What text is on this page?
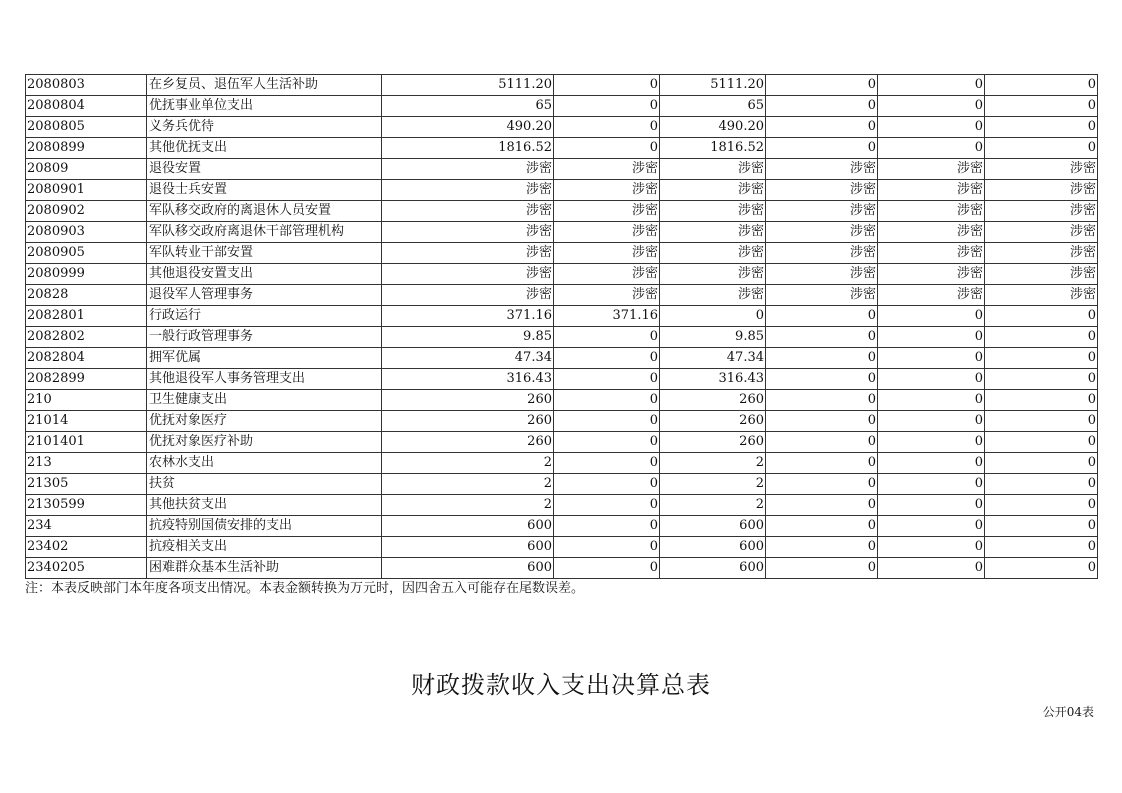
2080803	在乡复员、退伍军人生活补助	5111.20	0	5111.20	0	0	0
2080804	优抚事业单位支出	65	0	65	0	0	0
2080805	义务兵优待	490.20	0	490.20	0	0	0
2080899	其他优抚支出	1816.52	0	1816.52	0	0	0
20809	退役安置	涉密	涉密	涉密	涉密	涉密	涉密
2080901	退役士兵安置	涉密	涉密	涉密	涉密	涉密	涉密
2080902	军队移交政府的离退休人员安置	涉密	涉密	涉密	涉密	涉密	涉密
2080903	军队移交政府离退休干部管理机构	涉密	涉密	涉密	涉密	涉密	涉密
2080905	军队转业干部安置	涉密	涉密	涉密	涉密	涉密	涉密
2080999	其他退役安置支出	涉密	涉密	涉密	涉密	涉密	涉密
20828	退役军人管理事务	涉密	涉密	涉密	涉密	涉密	涉密
2082801	行政运行	371.16	371.16	0	0	0	0
2082802	一般行政管理事务	9.85	0	9.85	0	0	0
2082804	拥军优属	47.34	0	47.34	0	0	0
2082899	其他退役军人事务管理支出	316.43	0	316.43	0	0	0
210	卫生健康支出	260	0	260	0	0	0
21014	优抚对象医疗	260	0	260	0	0	0
2101401	优抚对象医疗补助	260	0	260	0	0	0
213	农林水支出	2	0	2	0	0	0
21305	扶贫	2	0	2	0	0	0
2130599	其他扶贫支出	2	0	2	0	0	0
234	抗疫特别国债安排的支出	600	0	600	0	0	0
23402	抗疫相关支出	600	0	600	0	0	0
2340205	困难群众基本生活补助	600	0	600	0	0	0
注：本表反映部门本年度各项支出情况。本表金额转换为万元时，因四舍五入可能存在尾数误差。
财政拨款收入支出决算总表
公开04表
